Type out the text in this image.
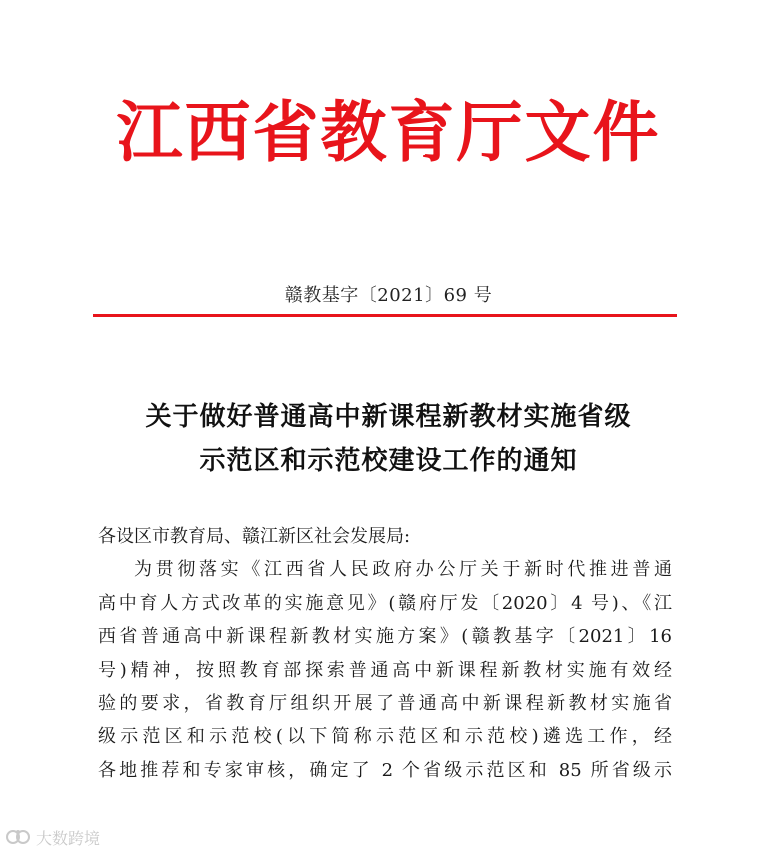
江西省教育厅文件
赣教基字〔2021〕69 号
关于做好普通高中新课程新教材实施省级
示范区和示范校建设工作的通知
各设区市教育局、赣江新区社会发展局:
为贯彻落实《江西省人民政府办公厅关于新时代推进普通
高中育人方式改革的实施意见》(赣府厅发〔2020〕4 号)、《江
西省普通高中新课程新教材实施方案》(赣教基字〔2021〕16
号)精神，按照教育部探索普通高中新课程新教材实施有效经
验的要求，省教育厅组织开展了普通高中新课程新教材实施省
级示范区和示范校(以下简称示范区和示范校)遴选工作，经
各地推荐和专家审核，确定了 2 个省级示范区和 85 所省级示
大数跨境
